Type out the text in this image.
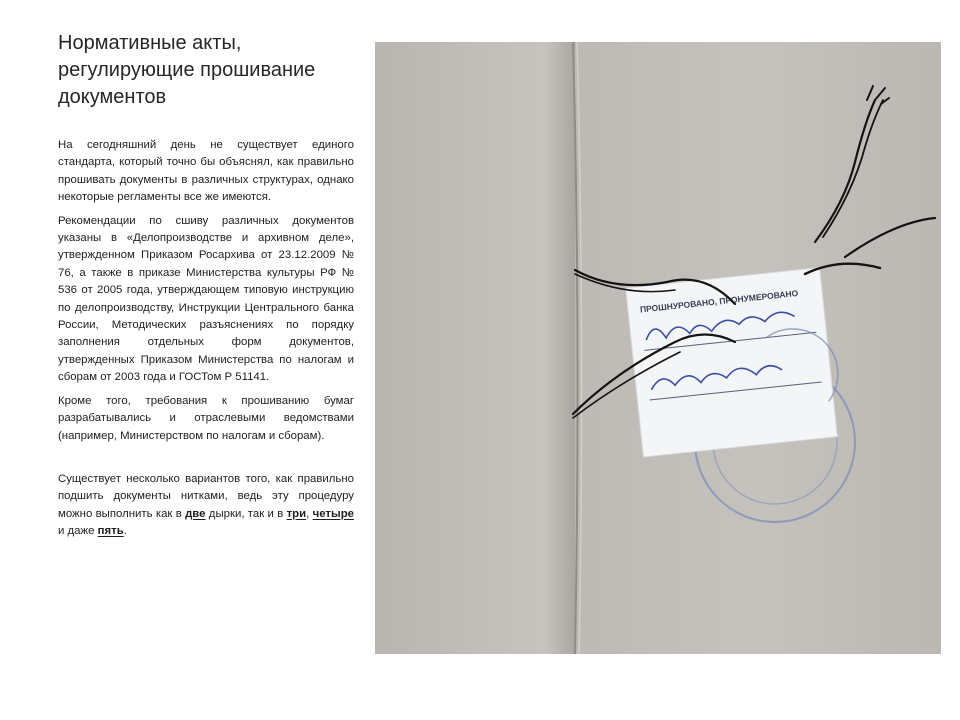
Нормативные акты, регулирующие прошивание документов

На сегодняшний день не существует единого стандарта, который точно бы объяснял, как правильно прошивать документы в различных структурах, однако некоторые регламенты все же имеются.

Рекомендации по сшиву различных документов указаны в «Делопроизводстве и архивном деле», утвержденном Приказом Росархива от 23.12.2009 № 76, а также в приказе Министерства культуры РФ № 536 от 2005 года, утверждающем типовую инструкцию по делопроизводству, Инструкции Центрального банка России, Методических разъяснениях по порядку заполнения отдельных форм документов, утвержденных Приказом Министерства по налогам и сборам от 2003 года и ГОСТом Р 51141.

Кроме того, требования к прошиванию бумаг разрабатывались и отраслевыми ведомствами (например, Министерством по налогам и сборам).

Существует несколько вариантов того, как правильно подшить документы нитками, ведь эту процедуру можно выполнить как в две дырки, так и в три, четыре и даже пять.

ПРОШНУРОВАНО, ПРОНУМЕРОВАНО
